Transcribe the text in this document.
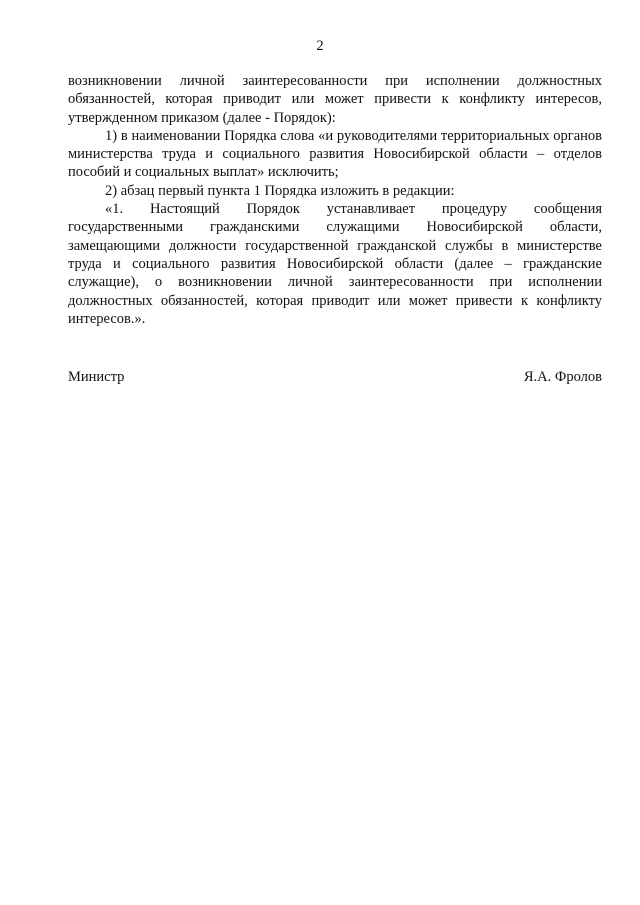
2

возникновении личной заинтересованности при исполнении должностных обязанностей, которая приводит или может привести к конфликту интересов, утвержденном приказом (далее - Порядок):

1) в наименовании Порядка слова «и руководителями территориальных органов министерства труда и социального развития Новосибирской области – отделов пособий и социальных выплат» исключить;

2) абзац первый пункта 1 Порядка изложить в редакции:

«1. Настоящий Порядок устанавливает процедуру сообщения государственными гражданскими служащими Новосибирской области, замещающими должности государственной гражданской службы в министерстве труда и социального развития Новосибирской области (далее – гражданские служащие), о возникновении личной заинтересованности при исполнении должностных обязанностей, которая приводит или может привести к конфликту интересов.».

Министр	Я.А. Фролов
